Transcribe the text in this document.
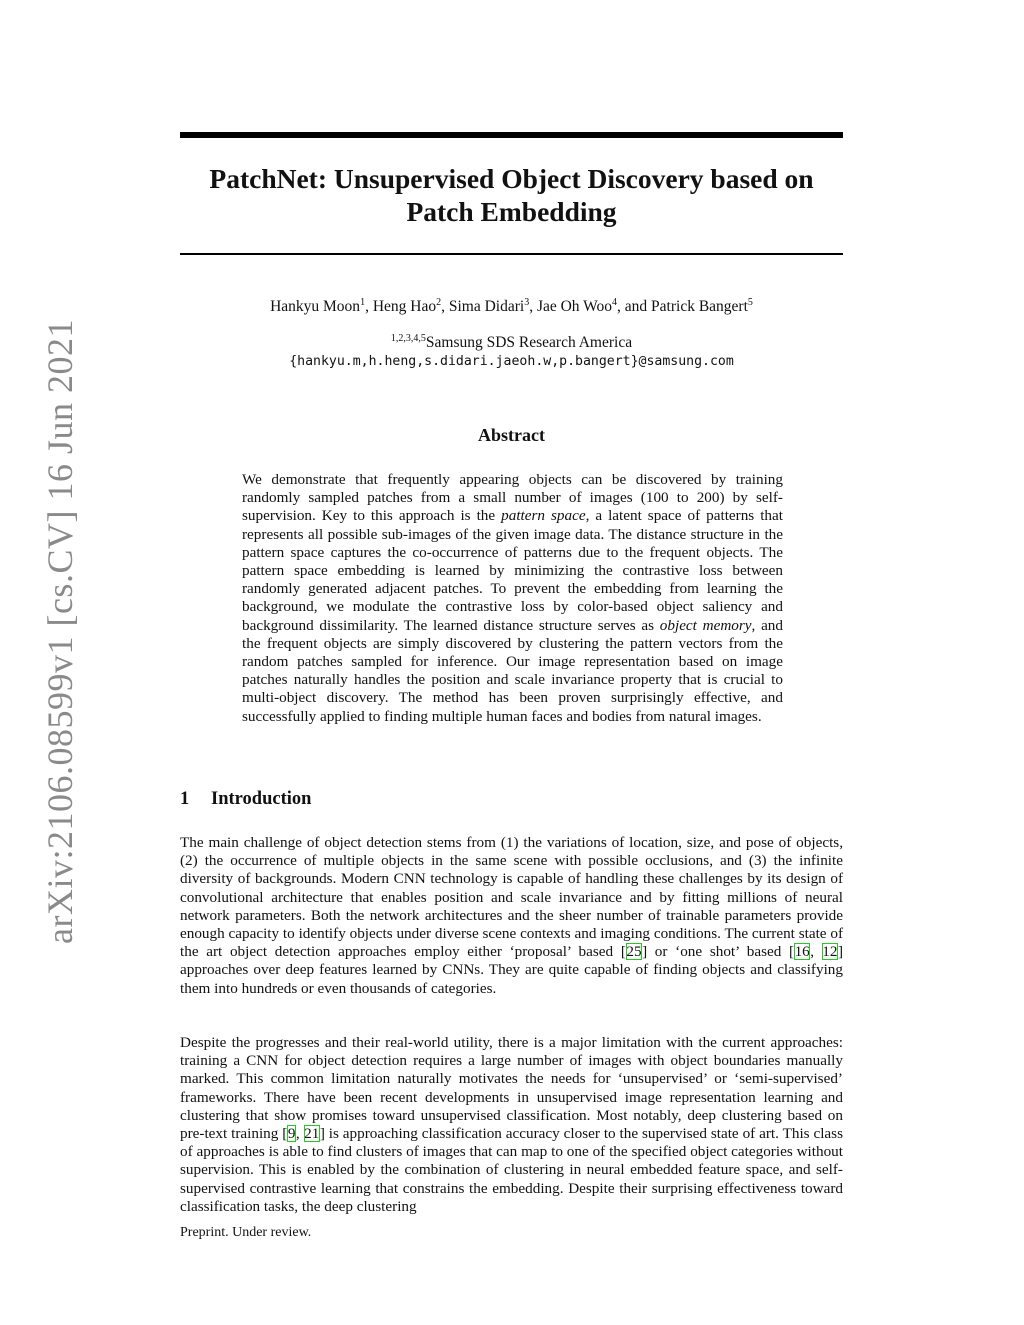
arXiv:2106.08599v1 [cs.CV] 16 Jun 2021
PatchNet: Unsupervised Object Discovery based on
Patch Embedding
Hankyu Moon$^1$, Heng Hao$^2$, Sima Didari$^3$, Jae Oh Woo$^4$, and Patrick Bangert$^5$
$^{1,2,3,4,5}$Samsung SDS Research America
{hankyu.m,h.heng,s.didari.jaeoh.w,p.bangert}@samsung.com
Abstract

We demonstrate that frequently appearing objects can be discovered by training randomly sampled patches from a small number of images (100 to 200) by self-supervision. Key to this approach is the pattern space, a latent space of patterns that represents all possible sub-images of the given image data. The distance structure in the pattern space captures the co-occurrence of patterns due to the frequent objects. The pattern space embedding is learned by minimizing the contrastive loss between randomly generated adjacent patches. To prevent the embedding from learning the background, we modulate the contrastive loss by color-based object saliency and background dissimilarity. The learned distance structure serves as object memory, and the frequent objects are simply discovered by clustering the pattern vectors from the random patches sampled for inference. Our image representation based on image patches naturally handles the position and scale invariance property that is crucial to multi-object discovery. The method has been proven surprisingly effective, and successfully applied to finding multiple human faces and bodies from natural images.

1 Introduction

The main challenge of object detection stems from (1) the variations of location, size, and pose of objects, (2) the occurrence of multiple objects in the same scene with possible occlusions, and (3) the infinite diversity of backgrounds. Modern CNN technology is capable of handling these challenges by its design of convolutional architecture that enables position and scale invariance and by fitting millions of neural network parameters. Both the network architectures and the sheer number of trainable parameters provide enough capacity to identify objects under diverse scene contexts and imaging conditions. The current state of the art object detection approaches employ either ‘proposal’ based [25] or ‘one shot’ based [16, 12] approaches over deep features learned by CNNs. They are quite capable of finding objects and classifying them into hundreds or even thousands of categories.

Despite the progresses and their real-world utility, there is a major limitation with the current approaches: training a CNN for object detection requires a large number of images with object boundaries manually marked. This common limitation naturally motivates the needs for ‘unsupervised’ or ‘semi-supervised’ frameworks. There have been recent developments in unsupervised image representation learning and clustering that show promises toward unsupervised classification. Most notably, deep clustering based on pre-text training [9, 21] is approaching classification accuracy closer to the supervised state of art. This class of approaches is able to find clusters of images that can map to one of the specified object categories without supervision. This is enabled by the combination of clustering in neural embedded feature space, and self-supervised contrastive learning that constrains the embedding. Despite their surprising effectiveness toward classification tasks, the deep clustering

Preprint. Under review.
